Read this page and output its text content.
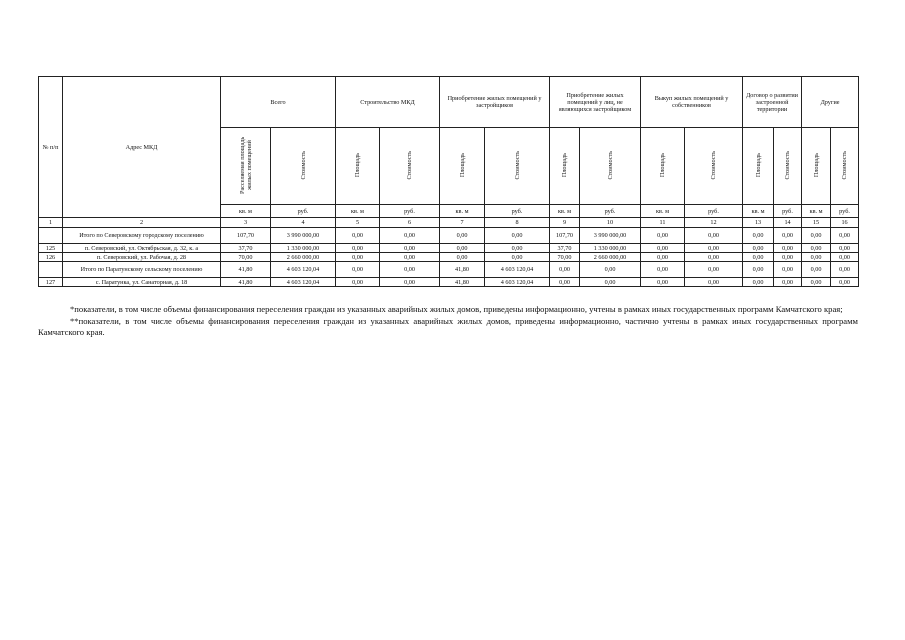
№ п/п	Адрес МКД	Всего		Строительство МКД		Приобретение жилых помещений у застройщиков		Приобретение жилых помещений у лиц, не являющихся застройщиком		Выкуп жилых помещений у собственников		Договор о развитии застроенной территории		Другие	
		Расселяемая площадь жилых помещений	Стоимость	Площадь	Стоимость	Площадь	Стоимость	Площадь	Стоимость	Площадь	Стоимость	Площадь	Стоимость	Площадь	Стоимость
		кв. м	руб.	кв. м	руб.	кв. м	руб.	кв. м	руб.	кв. м	руб.	кв. м	руб.	кв. м	руб.
1	2	3	4	5	6	7	8	9	10	11	12	13	14	15	16
	Итого по Северовскому городскому поселению	107,70	3 990 000,00	0,00	0,00	0,00	0,00	107,70	3 990 000,00	0,00	0,00	0,00	0,00	0,00	0,00
125	п. Северовский, ул. Октябрьская, д. 32, к. а	37,70	1 330 000,00	0,00	0,00	0,00	0,00	37,70	1 330 000,00	0,00	0,00	0,00	0,00	0,00	0,00
126	п. Северовский, ул. Рабочая, д. 28	70,00	2 660 000,00	0,00	0,00	0,00	0,00	70,00	2 660 000,00	0,00	0,00	0,00	0,00	0,00	0,00
	Итого по Паратунскому сельскому поселению	41,80	4 603 120,04	0,00	0,00	41,80	4 603 120,04	0,00	0,00	0,00	0,00	0,00	0,00	0,00	0,00
127	с. Паратунка, ул. Санаторная, д. 18	41,80	4 603 120,04	0,00	0,00	41,80	4 603 120,04	0,00	0,00	0,00	0,00	0,00	0,00	0,00	0,00

*показатели, в том числе объемы финансирования переселения граждан из указанных аварийных жилых домов, приведены информационно, учтены в рамках иных государственных программ Камчатского края;

**показатели, в том числе объемы финансирования переселения граждан из указанных аварийных жилых домов, приведены информационно, частично учтены в рамках иных государственных программ Камчатского края.
